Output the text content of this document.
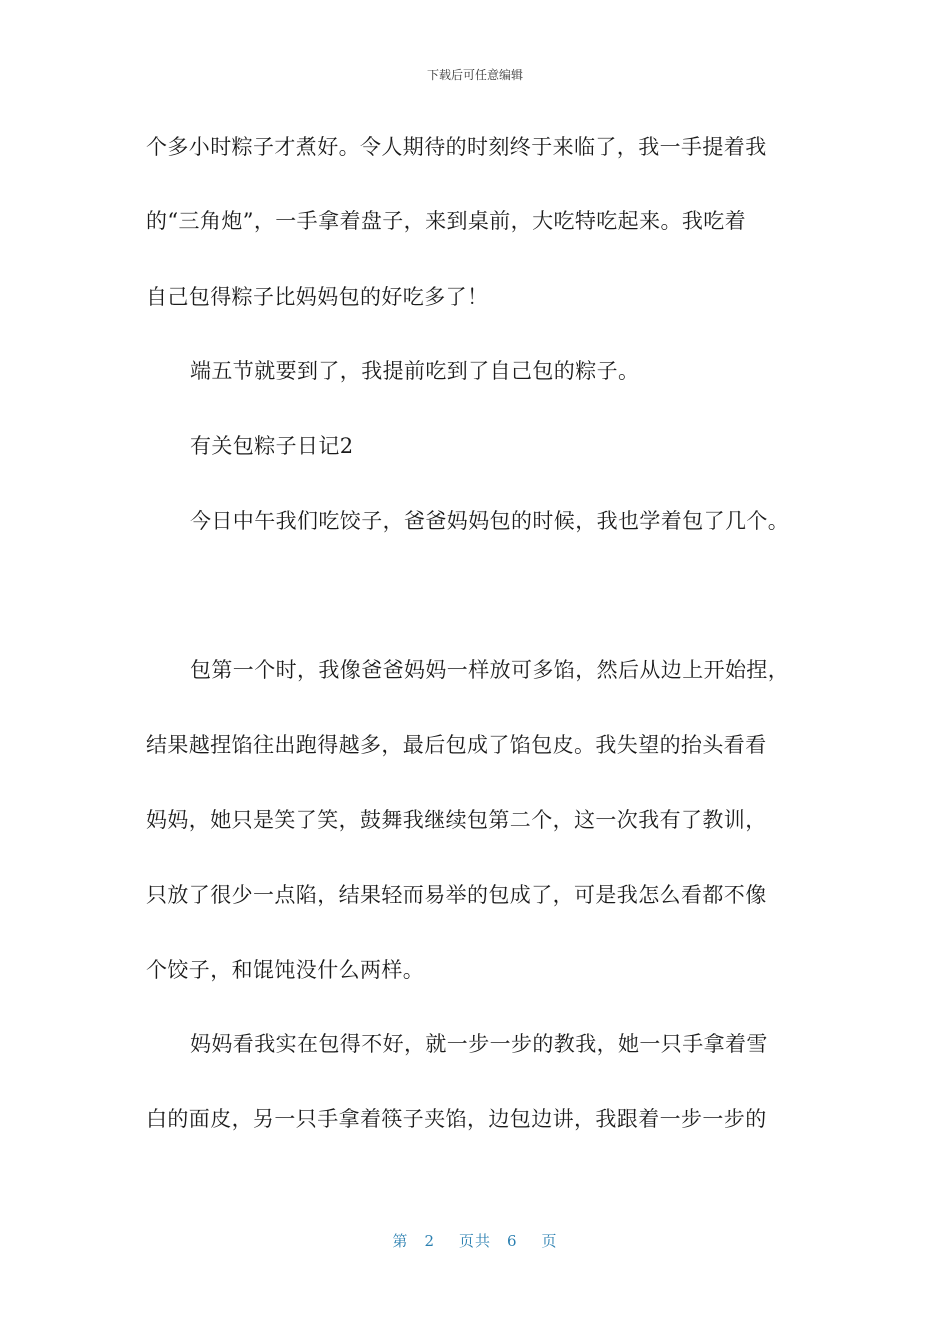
下载后可任意编辑
个多小时粽子才煮好。令人期待的时刻终于来临了，我一手提着我
的“三角炮”，一手拿着盘子，来到桌前，大吃特吃起来。我吃着
自己包得粽子比妈妈包的好吃多了！
端五节就要到了，我提前吃到了自己包的粽子。
有关包粽子日记2
今日中午我们吃饺子，爸爸妈妈包的时候，我也学着包了几个。
包第一个时，我像爸爸妈妈一样放可多馅，然后从边上开始捏，
结果越捏馅往出跑得越多，最后包成了馅包皮。我失望的抬头看看
妈妈，她只是笑了笑，鼓舞我继续包第二个，这一次我有了教训，
只放了很少一点陷，结果轻而易举的包成了，可是我怎么看都不像
个饺子，和馄饨没什么两样。
妈妈看我实在包得不好，就一步一步的教我，她一只手拿着雪
白的面皮，另一只手拿着筷子夹馅，边包边讲，我跟着一步一步的
第 2 页共 6 页
